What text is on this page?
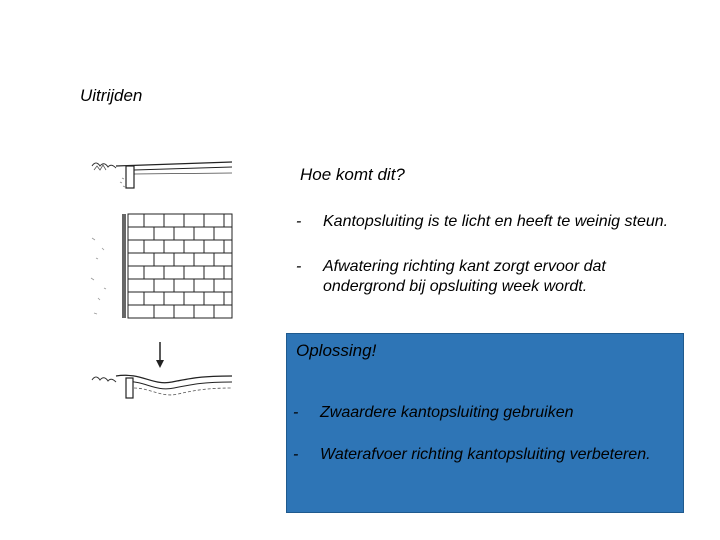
Uitrijden
Hoe komt dit?
- Kantopsluiting is te licht en heeft te weinig steun.
- Afwatering richting kant zorgt ervoor dat ondergrond bij opsluiting week wordt.
Oplossing!
- Zwaardere kantopsluiting gebruiken
- Waterafvoer richting kantopsluiting verbeteren.
